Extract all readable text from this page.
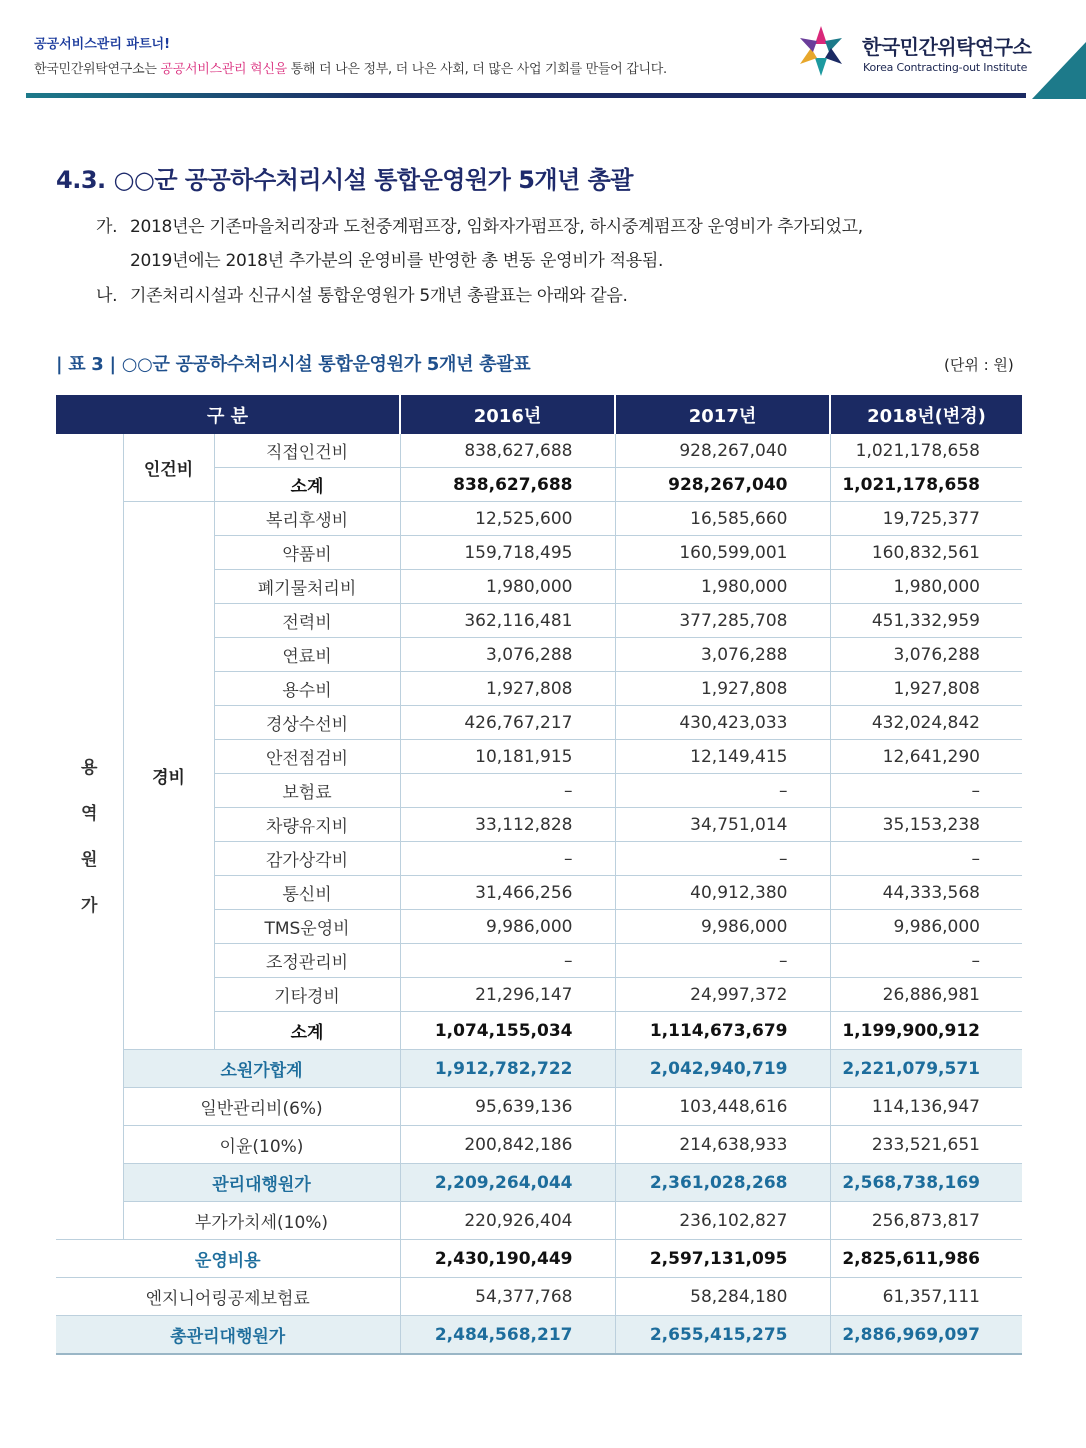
공공서비스관리 파트너!
한국민간위탁연구소는 공공서비스관리 혁신을 통해 더 나은 정부, 더 나은 사회, 더 많은 사업 기회를 만들어 갑니다.
한국민간위탁연구소
Korea Contracting-out Institute
4.3. ○○군 공공하수처리시설 통합운영원가 5개년 총괄
가. 2018년은 기존마을처리장과 도천중계펌프장, 임화자가펌프장, 하시중계펌프장 운영비가 추가되었고,
2019년에는 2018년 추가분의 운영비를 반영한 총 변동 운영비가 적용됨.
나. 기존처리시설과 신규시설 통합운영원가 5개년 총괄표는 아래와 같음.
| 표 3 | ○○군 공공하수처리시설 통합운영원가 5개년 총괄표	(단위 : 원)
구 분			2016년	2017년	2018년(변경)

용
역
원
가	인건비	직접인건비	838,627,688	928,267,040	1,021,178,658
		소계	838,627,688	928,267,040	1,021,178,658
	경비	복리후생비	12,525,600	16,585,660	19,725,377
		약품비	159,718,495	160,599,001	160,832,561
		폐기물처리비	1,980,000	1,980,000	1,980,000
		전력비	362,116,481	377,285,708	451,332,959
		연료비	3,076,288	3,076,288	3,076,288
		용수비	1,927,808	1,927,808	1,927,808
		경상수선비	426,767,217	430,423,033	432,024,842
		안전점검비	10,181,915	12,149,415	12,641,290
		보험료	–	–	–
		차량유지비	33,112,828	34,751,014	35,153,238
		감가상각비	–	–	–
		통신비	31,466,256	40,912,380	44,333,568
		TMS운영비	9,986,000	9,986,000	9,986,000
		조정관리비	–	–	–
		기타경비	21,296,147	24,997,372	26,886,981
		소계	1,074,155,034	1,114,673,679	1,199,900,912
	소원가합계		1,912,782,722	2,042,940,719	2,221,079,571
	일반관리비(6%)		95,639,136	103,448,616	114,136,947
	이윤(10%)		200,842,186	214,638,933	233,521,651
	관리대행원가		2,209,264,044	2,361,028,268	2,568,738,169
	부가가치세(10%)		220,926,404	236,102,827	256,873,817
운영비용			2,430,190,449	2,597,131,095	2,825,611,986
엔지니어링공제보험료			54,377,768	58,284,180	61,357,111
총관리대행원가			2,484,568,217	2,655,415,275	2,886,969,097
